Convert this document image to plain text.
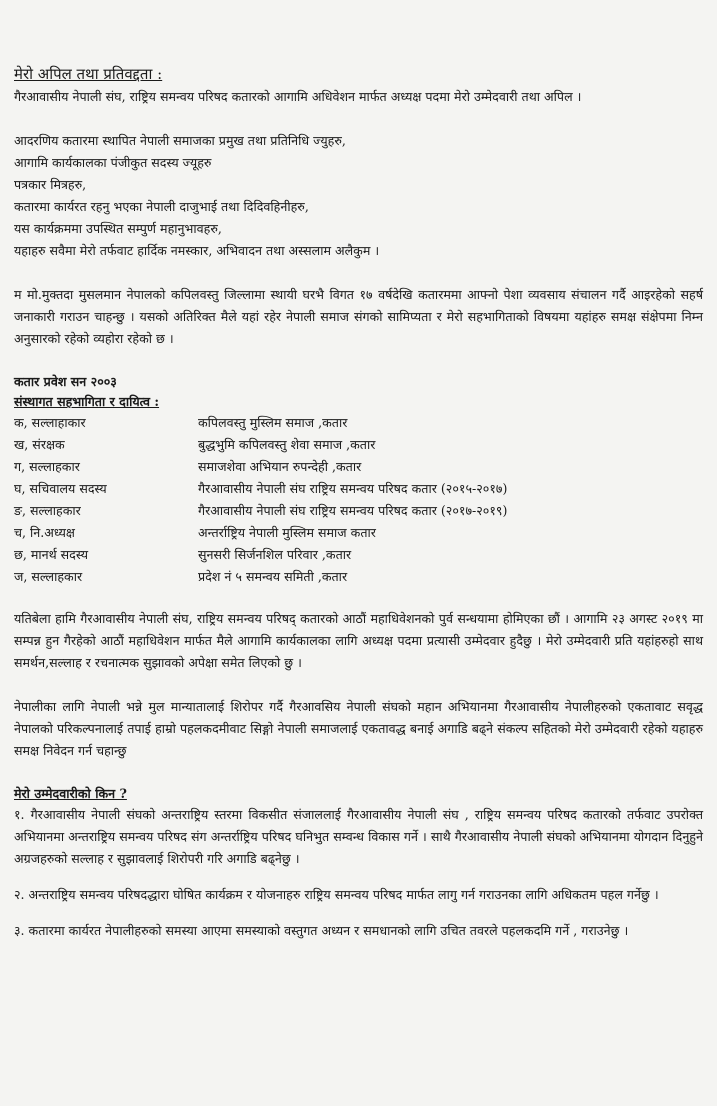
मेरो अपिल तथा प्रतिवद्दता :

गैरआवासीय नेपाली संघ, राष्ट्रिय समन्वय परिषद कतारको आगामि अधिवेशन मार्फत अध्यक्ष पदमा मेरो उम्मेदवारी तथा अपिल ।

आदरणिय कतारमा स्थापित नेपाली समाजका प्रमुख तथा प्रतिनिधि ज्युहरु,

आगामि कार्यकालका पंजीकुत सदस्य ज्यूहरु

पत्रकार मित्रहरु,

कतारमा कार्यरत रहनु भएका नेपाली दाजुभाई तथा दिदिवहिनीहरु,

यस कार्यक्रममा उपस्थित सम्पुर्ण महानुभावहरु,

यहाहरु सवैमा मेरो तर्फवाट हार्दिक नमस्कार, अभिवादन तथा अस्सलाम अलैकुम ।

म मो.मुक्तदा मुसलमान नेपालको कपिलवस्तु जिल्लामा स्थायी घरभै विगत १७ वर्षदेखि कतारममा आफ्नो पेशा व्यवसाय संचालन गर्दै आइरहेको सहर्ष जनाकारी गराउन चाहन्छु । यसको अतिरिक्त मैले यहां रहेर नेपाली समाज संगको सामिप्यता र मेरो सहभागिताको विषयमा यहांहरु समक्ष संक्षेपमा निम्न अनुसारको रहेको व्यहोरा रहेको छ ।

कतार प्रवेश सन २००३

संस्थागत सहभागिता र दायित्व :

क, सल्लाहाकार	कपिलवस्तु मुस्लिम समाज ,कतार
ख, संरक्षक	बुद्धभुमि कपिलवस्तु शेवा समाज ,कतार
ग, सल्लाहकार	समाजशेवा अभियान रुपन्देही ,कतार
घ, सचिवालय सदस्य	गैरआवासीय नेपाली संघ राष्ट्रिय समन्वय परिषद कतार (२०१५-२०१७)
ङ, सल्लाहकार	गैरआवासीय नेपाली संघ राष्ट्रिय समन्वय परिषद कतार (२०१७-२०१९)
च, नि.अध्यक्ष	अन्तर्राष्ट्रिय नेपाली मुस्लिम समाज कतार
छ, मानर्थ सदस्य	सुनसरी सिर्जनशिल परिवार ,कतार
ज, सल्लाहकार	प्रदेश नं ५ समन्वय समिती ,कतार

यतिबेला हामि गैरआवासीय नेपाली संघ, राष्ट्रिय समन्वय परिषद् कतारको आठौं महाधिवेशनको पुर्व सन्धयामा होमिएका छौं । आगामि २३ अगस्ट २०१९ मा सम्पन्न हुन गैरहेको आठौं महाधिवेशन मार्फत मैले आगामि कार्यकालका लागि अध्यक्ष पदमा प्रत्यासी उम्मेदवार हुदैछु । मेरो उम्मेदवारी प्रति यहांहरुहो साथ समर्थन,सल्लाह र रचनात्मक सुझावको अपेक्षा समेत लिएको छु ।

नेपालीका लागि नेपाली भन्ने मुल मान्यातालाई शिरोपर गर्दै गैरआवसिय नेपाली संघको महान अभियानमा गैरआवासीय नेपालीहरुको एकतावाट सवृद्ध नेपालको परिकल्पनालाई तपाई हाम्रो पहलकदमीवाट सिङ्गो नेपाली समाजलाई एकतावद्ध बनाई अगाडि बढ्ने संकल्प सहितको मेरो उम्मेदवारी रहेको यहाहरु समक्ष निवेदन गर्न चहान्छु

मेरो उम्मेदवारीको किन ?

१. गैरआवासीय नेपाली संघको अन्तराष्ट्रिय स्तरमा विकसीत संजाललाई गैरआवासीय नेपाली संघ , राष्ट्रिय समन्वय परिषद कतारको तर्फवाट उपरोक्त अभियानमा अन्तराष्ट्रिय समन्वय परिषद संग अन्तर्राष्ट्रिय परिषद घनिभुत सम्वन्ध विकास गर्ने । साथै गैरआवासीय नेपाली संघको अभियानमा योगदान दिनुहुने अग्रजहरुको सल्लाह र सुझावलाई शिरोपरी गरि अगाडि बढ्नेछु ।

२. अन्तराष्ट्रिय समन्वय परिषदद्धारा घोषित कार्यक्रम र योजनाहरु राष्ट्रिय समन्वय परिषद मार्फत लागु गर्न गराउनका लागि अधिकतम पहल गर्नेछु ।

३. कतारमा कार्यरत नेपालीहरुको समस्या आएमा समस्याको वस्तुगत अध्यन र समधानको लागि उचित तवरले पहलकदमि गर्ने , गराउनेछु ।
